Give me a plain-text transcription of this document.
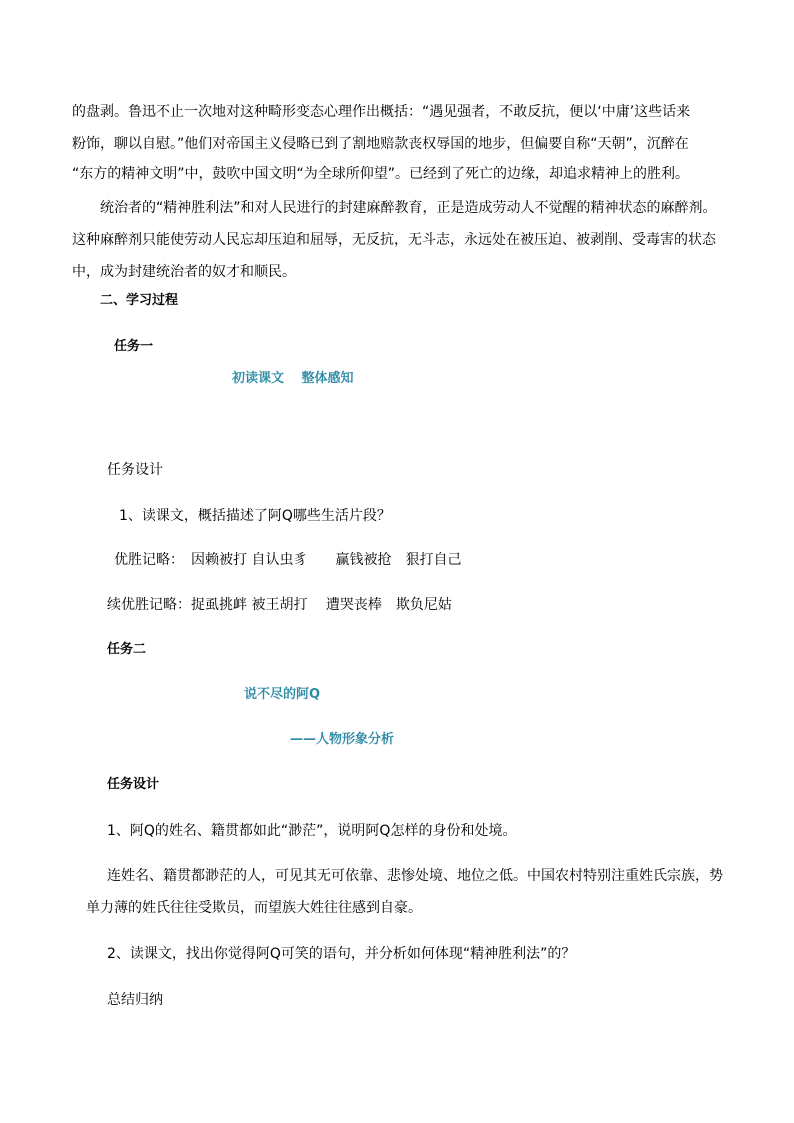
的盘剥。鲁迅不止一次地对这种畸形变态心理作出概括：“遇见强者，不敢反抗，便以‘中庸’这些话来
粉饰，聊以自慰。”他们对帝国主义侵略已到了割地赔款丧权辱国的地步，但偏要自称“天朝”，沉醉在
“东方的精神文明”中，鼓吹中国文明“为全球所仰望”。已经到了死亡的边缘，却追求精神上的胜利。
统治者的“精神胜利法”和对人民进行的封建麻醉教育，正是造成劳动人不觉醒的精神状态的麻醉剂。
这种麻醉剂只能使劳动人民忘却压迫和屈辱，无反抗，无斗志，永远处在被压迫、被剥削、受毒害的状态
中，成为封建统治者的奴才和顺民。
二、学习过程
任务一
初读课文　 整体感知
任务设计
1、读课文，概括描述了阿Q哪些生活片段？
优胜记略：　因赖被打 自认虫豸　　赢钱被抢　狠打自己
续优胜记略：捉虱挑衅 被王胡打　 遭哭丧棒　欺负尼姑
任务二
说不尽的阿Q
——人物形象分析
任务设计
1、阿Q的姓名、籍贯都如此“渺茫”，说明阿Q怎样的身份和处境。
连姓名、籍贯都渺茫的人，可见其无可依靠、悲惨处境、地位之低。中国农村特别注重姓氏宗族，势
单力薄的姓氏往往受欺员，而望族大姓往往感到自豪。
2、读课文，找出你觉得阿Q可笑的语句，并分析如何体现“精神胜利法”的？
总结归纳
